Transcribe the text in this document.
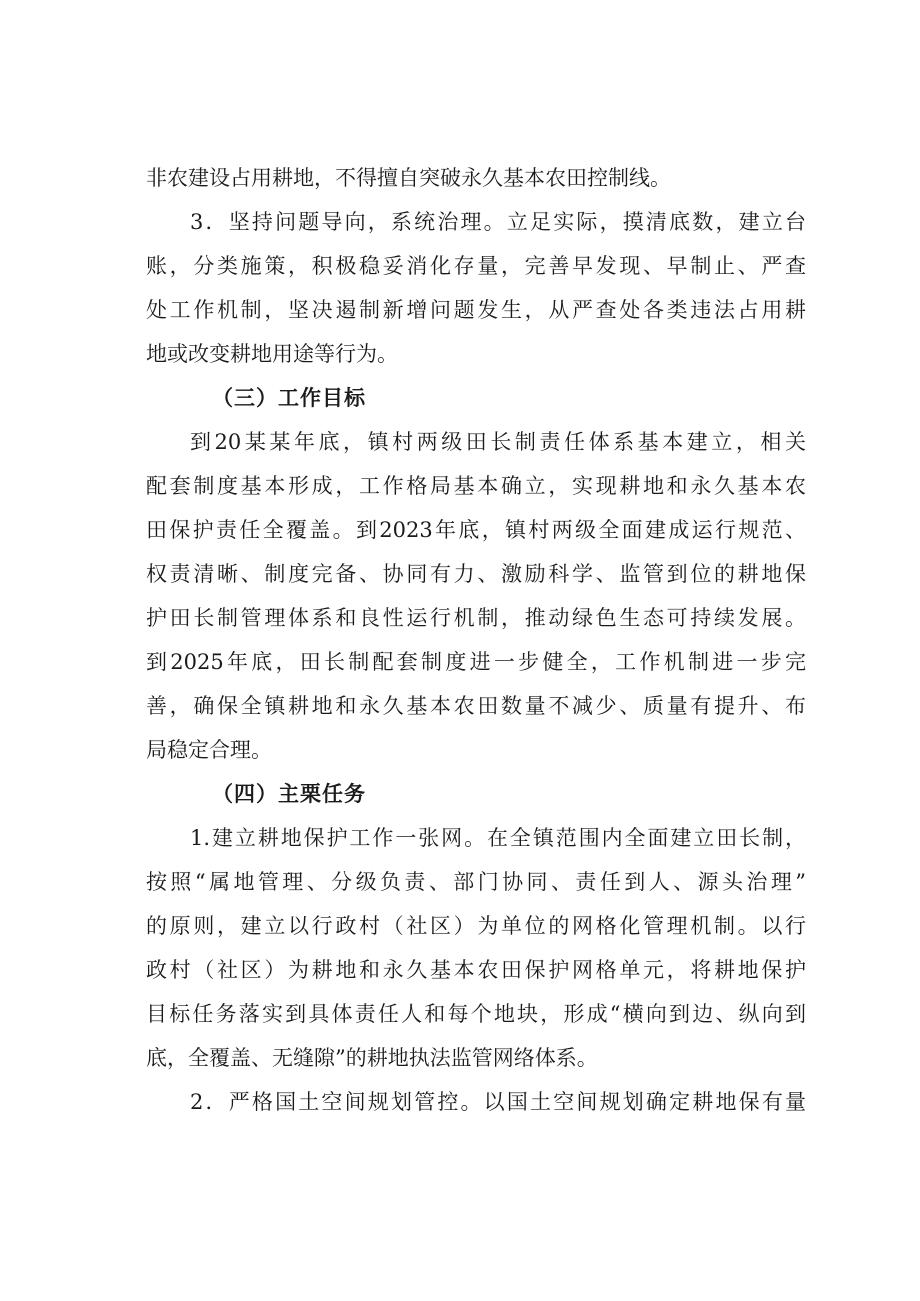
非农建设占用耕地，不得擅自突破永久基本农田控制线。
3．坚持问题导向，系统治理。立足实际，摸清底数，建立台
账，分类施策，积极稳妥消化存量，完善早发现、早制止、严查
处工作机制，坚决遏制新增问题发生，从严查处各类违法占用耕
地或改变耕地用途等行为。
（三）工作目标
到20某某年底，镇村两级田长制责任体系基本建立，相关
配套制度基本形成，工作格局基本确立，实现耕地和永久基本农
田保护责任全覆盖。到2023年底，镇村两级全面建成运行规范、
权责清晰、制度完备、协同有力、激励科学、监管到位的耕地保
护田长制管理体系和良性运行机制，推动绿色生态可持续发展。
到2025年底，田长制配套制度进一步健全，工作机制进一步完
善，确保全镇耕地和永久基本农田数量不减少、质量有提升、布
局稳定合理。
（四）主栗任务
1.建立耕地保护工作一张网。在全镇范围内全面建立田长制，
按照“属地管理、分级负责、部门协同、责任到人、源头治理”
的原则，建立以行政村（社区）为单位的网格化管理机制。以行
政村（社区）为耕地和永久基本农田保护网格单元，将耕地保护
目标任务落实到具体责任人和每个地块，形成“横向到边、纵向到
底，全覆盖、无缝隙”的耕地执法监管网络体系。
2．严格国土空间规划管控。以国土空间规划确定耕地保有量
